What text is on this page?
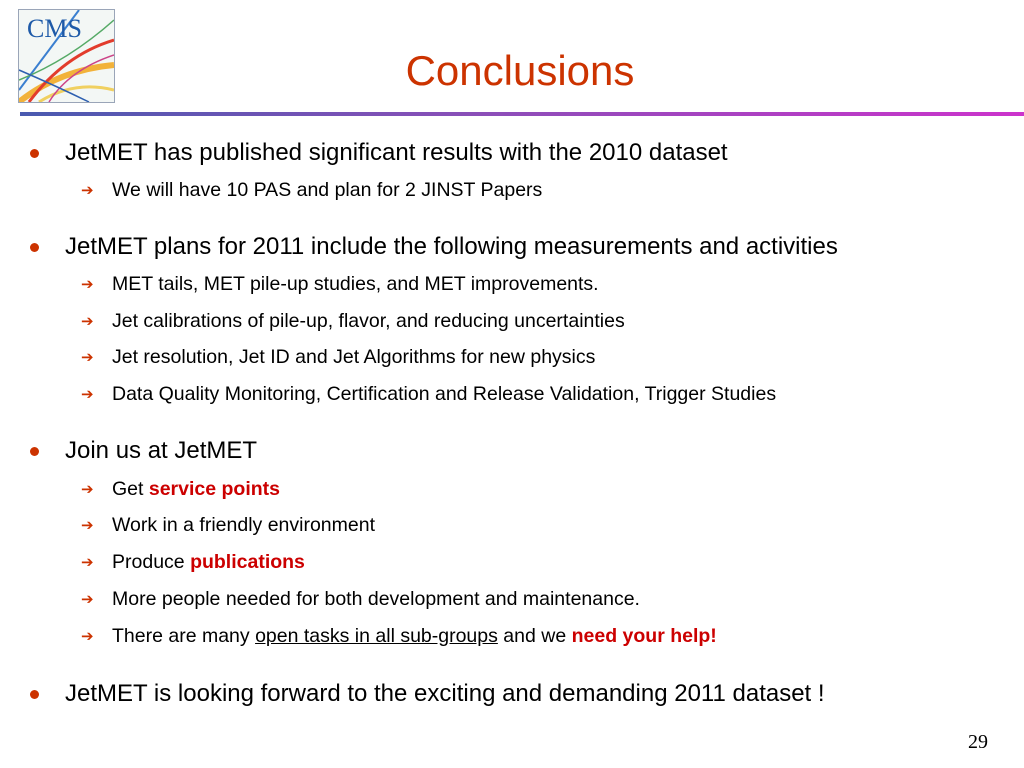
CMS
Conclusions
JetMET has published significant results with the 2010 dataset
➔ We will have 10 PAS and plan for 2 JINST Papers
JetMET plans for 2011 include the following measurements and activities
➔ MET tails, MET pile-up studies, and MET improvements.
➔ Jet calibrations of pile-up, flavor, and reducing uncertainties
➔ Jet resolution, Jet ID and Jet Algorithms for new physics
➔ Data Quality Monitoring, Certification and Release Validation, Trigger Studies
Join us at JetMET
➔ Get service points
➔ Work in a friendly environment
➔ Produce publications
➔ More people needed for both development and maintenance.
➔ There are many open tasks in all sub-groups and we need your help!
JetMET is looking forward to the exciting and demanding 2011 dataset !
29
